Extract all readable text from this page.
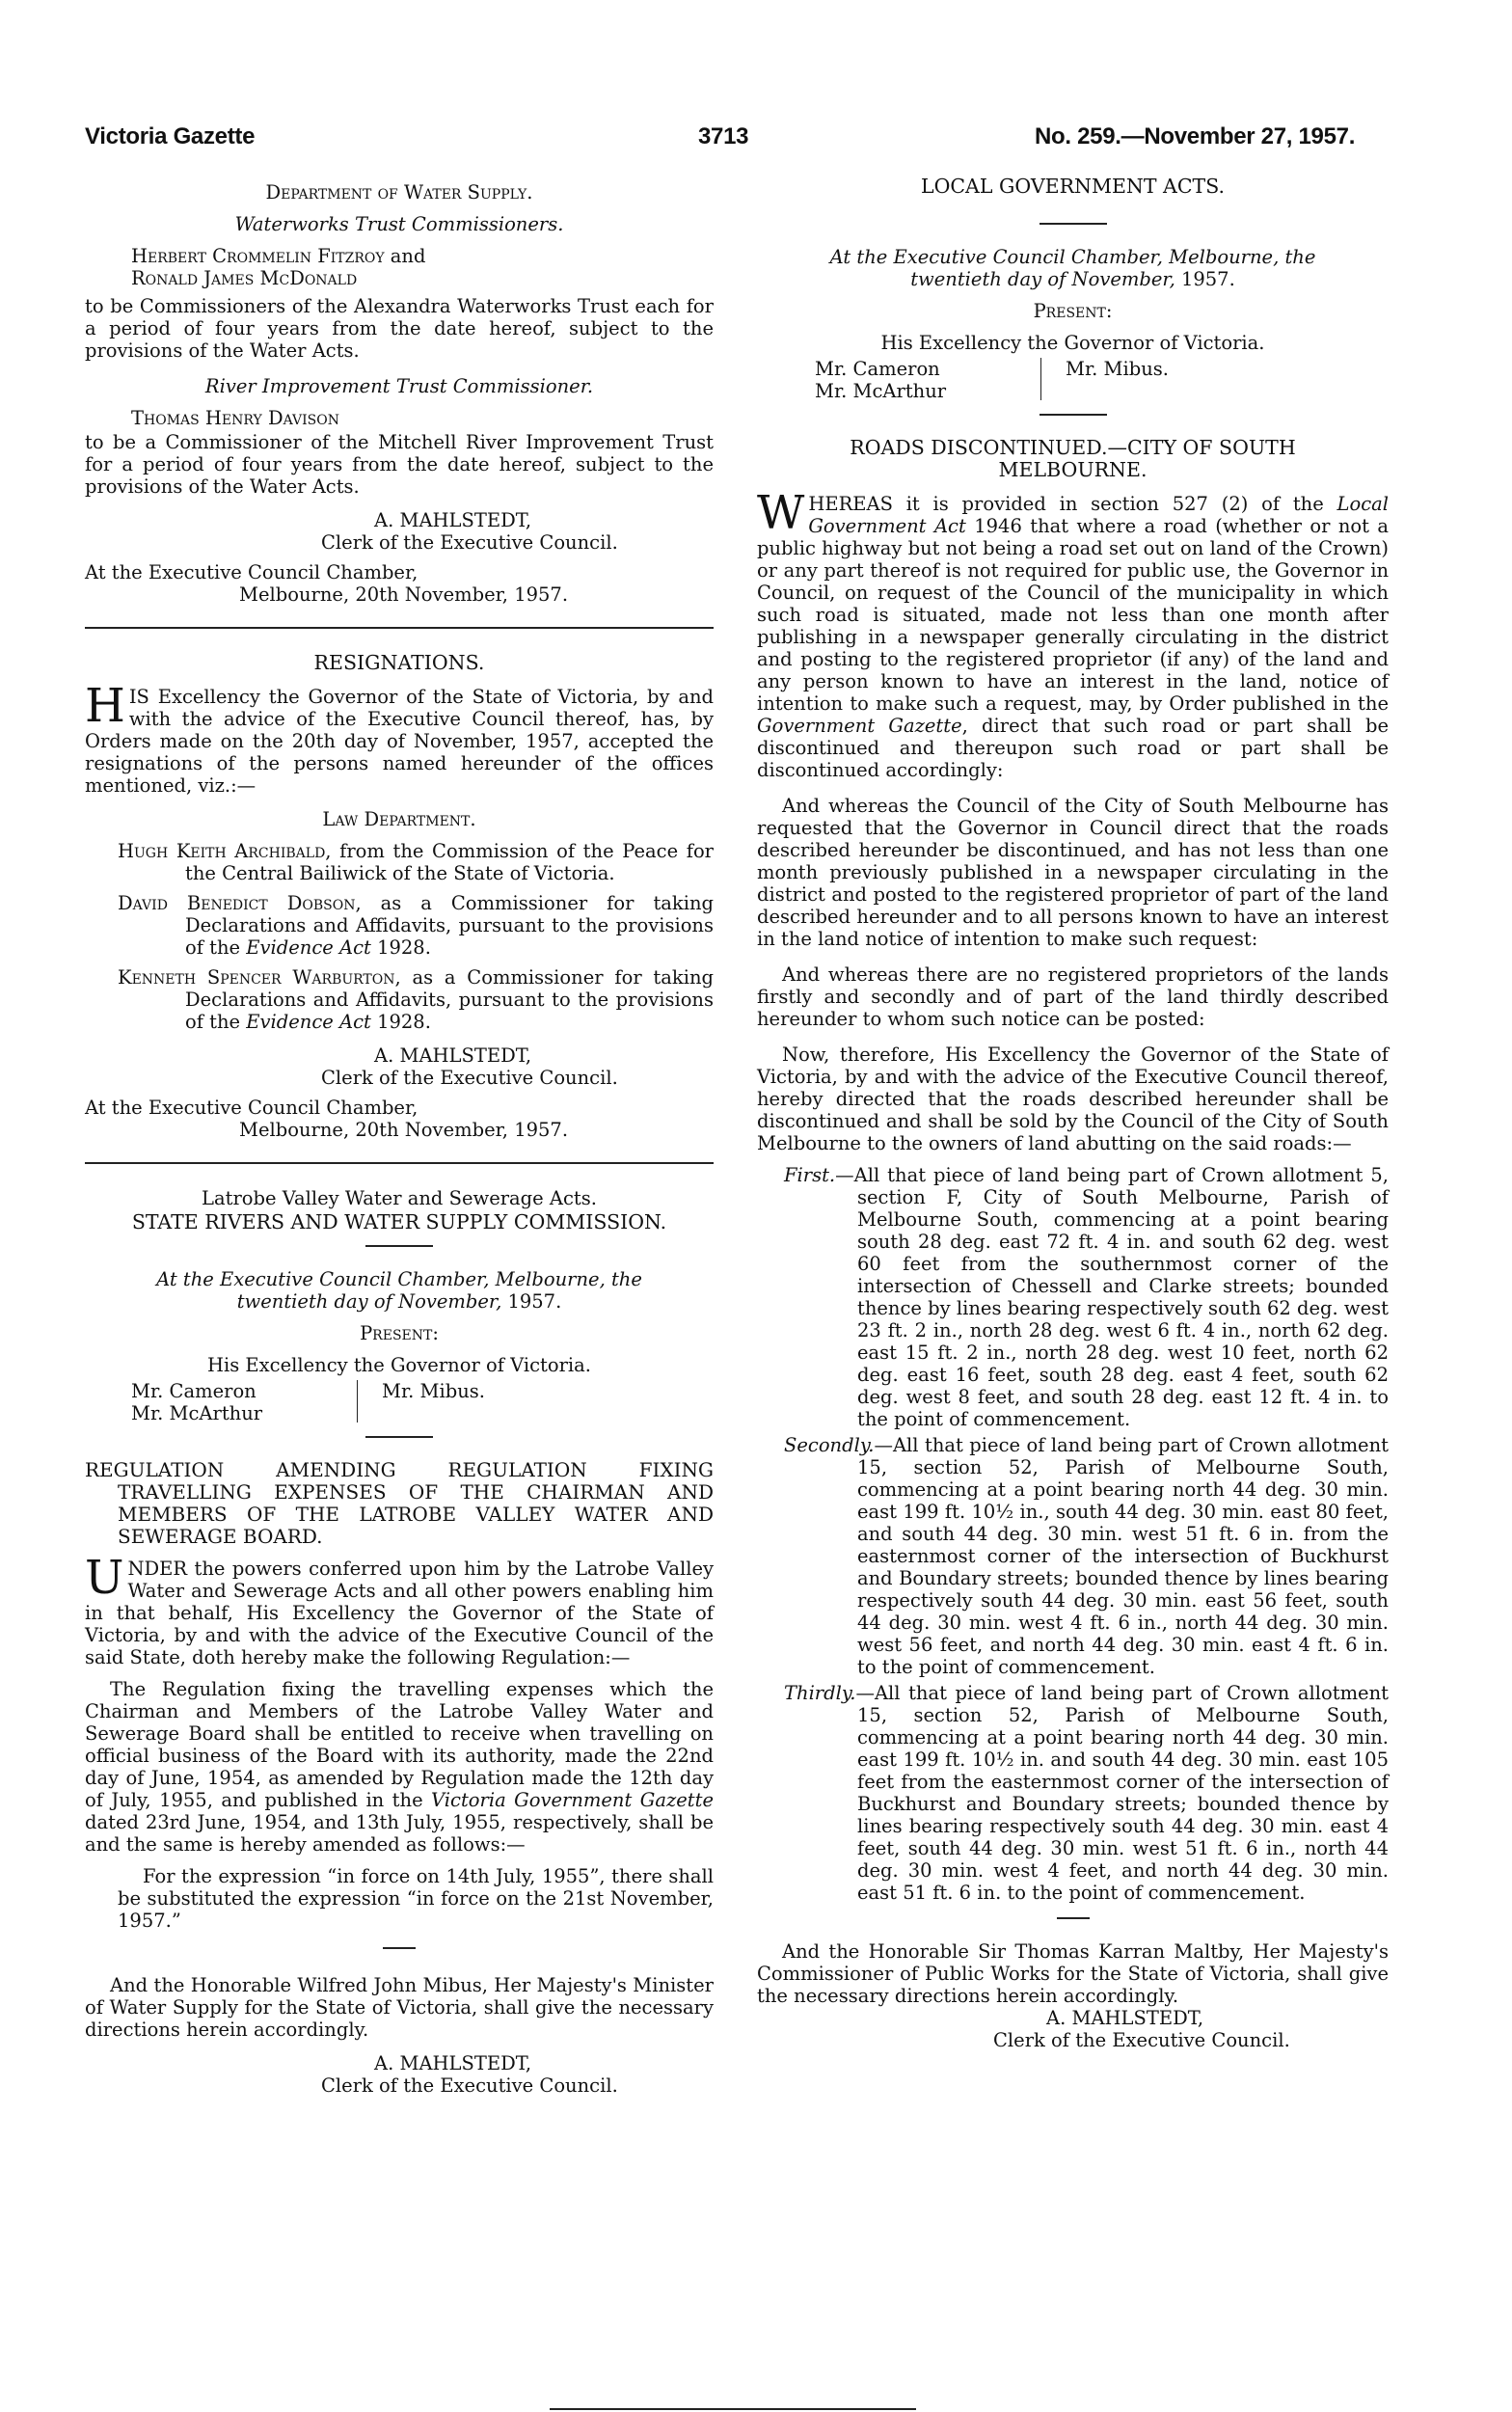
Victoria Gazette	3713	No. 259.—November 27, 1957.

Department of Water Supply.

Waterworks Trust Commissioners.

Herbert Crommelin Fitzroy and

Ronald James McDonald

to be Commissioners of the Alexandra Waterworks Trust each for a period of four years from the date hereof, subject to the provisions of the Water Acts.

River Improvement Trust Commissioner.

Thomas Henry Davison

to be a Commissioner of the Mitchell River Improvement Trust for a period of four years from the date hereof, subject to the provisions of the Water Acts.

A. MAHLSTEDT,

Clerk of the Executive Council.

At the Executive Council Chamber,

Melbourne, 20th November, 1957.

RESIGNATIONS.

HIS Excellency the Governor of the State of Victoria, by and with the advice of the Executive Council thereof, has, by Orders made on the 20th day of November, 1957, accepted the resignations of the persons named hereunder of the offices mentioned, viz.:—

Law Department.

Hugh Keith Archibald, from the Commission of the Peace for the Central Bailiwick of the State of Victoria.

David Benedict Dobson, as a Commissioner for taking Declarations and Affidavits, pursuant to the provisions of the Evidence Act 1928.

Kenneth Spencer Warburton, as a Commissioner for taking Declarations and Affidavits, pursuant to the provisions of the Evidence Act 1928.

A. MAHLSTEDT,

Clerk of the Executive Council.

At the Executive Council Chamber,

Melbourne, 20th November, 1957.

Latrobe Valley Water and Sewerage Acts.

STATE RIVERS AND WATER SUPPLY COMMISSION.

At the Executive Council Chamber, Melbourne, the twentieth day of November, 1957.

Present:

His Excellency the Governor of Victoria.

Mr. Cameron
Mr. McArthur
Mr. Mibus.

REGULATION AMENDING REGULATION FIXING TRAVELLING EXPENSES OF THE CHAIRMAN AND MEMBERS OF THE LATROBE VALLEY WATER AND SEWERAGE BOARD.

UNDER the powers conferred upon him by the Latrobe Valley Water and Sewerage Acts and all other powers enabling him in that behalf, His Excellency the Governor of the State of Victoria, by and with the advice of the Executive Council of the said State, doth hereby make the following Regulation:—

The Regulation fixing the travelling expenses which the Chairman and Members of the Latrobe Valley Water and Sewerage Board shall be entitled to receive when travelling on official business of the Board with its authority, made the 22nd day of June, 1954, as amended by Regulation made the 12th day of July, 1955, and published in the Victoria Government Gazette dated 23rd June, 1954, and 13th July, 1955, respectively, shall be and the same is hereby amended as follows:—

For the expression “in force on 14th July, 1955”, there shall be substituted the expression “in force on the 21st November, 1957.”

And the Honorable Wilfred John Mibus, Her Majesty's Minister of Water Supply for the State of Victoria, shall give the necessary directions herein accordingly.

A. MAHLSTEDT,

Clerk of the Executive Council.

LOCAL GOVERNMENT ACTS.

At the Executive Council Chamber, Melbourne, the twentieth day of November, 1957.

Present:

His Excellency the Governor of Victoria.

Mr. Cameron
Mr. McArthur
Mr. Mibus.

ROADS DISCONTINUED.—CITY OF SOUTH MELBOURNE.

WHEREAS it is provided in section 527 (2) of the Local Government Act 1946 that where a road (whether or not a public highway but not being a road set out on land of the Crown) or any part thereof is not required for public use, the Governor in Council, on request of the Council of the municipality in which such road is situated, made not less than one month after publishing in a newspaper generally circulating in the district and posting to the registered proprietor (if any) of the land and any person known to have an interest in the land, notice of intention to make such a request, may, by Order published in the Government Gazette, direct that such road or part shall be discontinued and thereupon such road or part shall be discontinued accordingly:

And whereas the Council of the City of South Melbourne has requested that the Governor in Council direct that the roads described hereunder be discontinued, and has not less than one month previously published in a newspaper circulating in the district and posted to the registered proprietor of part of the land described hereunder and to all persons known to have an interest in the land notice of intention to make such request:

And whereas there are no registered proprietors of the lands firstly and secondly and of part of the land thirdly described hereunder to whom such notice can be posted:

Now, therefore, His Excellency the Governor of the State of Victoria, by and with the advice of the Executive Council thereof, hereby directed that the roads described hereunder shall be discontinued and shall be sold by the Council of the City of South Melbourne to the owners of land abutting on the said roads:—

First.—All that piece of land being part of Crown allotment 5, section F, City of South Melbourne, Parish of Melbourne South, commencing at a point bearing south 28 deg. east 72 ft. 4 in. and south 62 deg. west 60 feet from the southernmost corner of the intersection of Chessell and Clarke streets; bounded thence by lines bearing respectively south 62 deg. west 23 ft. 2 in., north 28 deg. west 6 ft. 4 in., north 62 deg. east 15 ft. 2 in., north 28 deg. west 10 feet, north 62 deg. east 16 feet, south 28 deg. east 4 feet, south 62 deg. west 8 feet, and south 28 deg. east 12 ft. 4 in. to the point of commencement.

Secondly.—All that piece of land being part of Crown allotment 15, section 52, Parish of Melbourne South, commencing at a point bearing north 44 deg. 30 min. east 199 ft. 10½ in., south 44 deg. 30 min. east 80 feet, and south 44 deg. 30 min. west 51 ft. 6 in. from the easternmost corner of the intersection of Buckhurst and Boundary streets; bounded thence by lines bearing respectively south 44 deg. 30 min. east 56 feet, south 44 deg. 30 min. west 4 ft. 6 in., north 44 deg. 30 min. west 56 feet, and north 44 deg. 30 min. east 4 ft. 6 in. to the point of commencement.

Thirdly.—All that piece of land being part of Crown allotment 15, section 52, Parish of Melbourne South, commencing at a point bearing north 44 deg. 30 min. east 199 ft. 10½ in. and south 44 deg. 30 min. east 105 feet from the easternmost corner of the intersection of Buckhurst and Boundary streets; bounded thence by lines bearing respectively south 44 deg. 30 min. east 4 feet, south 44 deg. 30 min. west 51 ft. 6 in., north 44 deg. 30 min. west 4 feet, and north 44 deg. 30 min. east 51 ft. 6 in. to the point of commencement.

And the Honorable Sir Thomas Karran Maltby, Her Majesty's Commissioner of Public Works for the State of Victoria, shall give the necessary directions herein accordingly.

A. MAHLSTEDT,

Clerk of the Executive Council.
